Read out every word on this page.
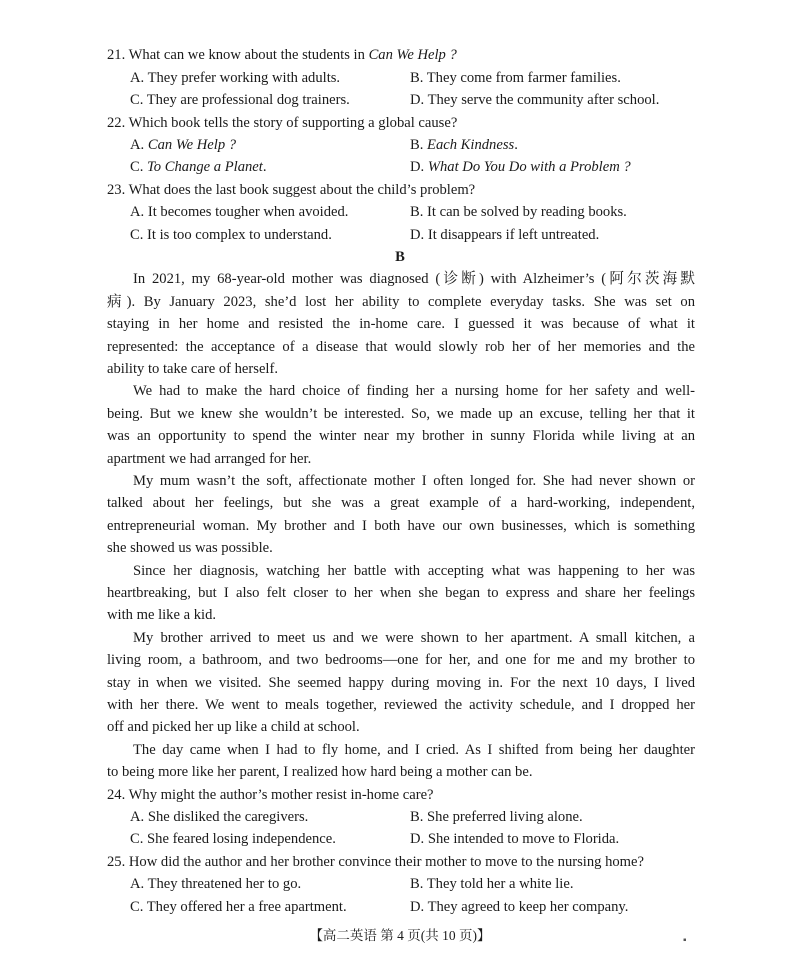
21. What can we know about the students in Can We Help ?
A. They prefer working with adults.	B. They come from farmer families.
C. They are professional dog trainers.	D. They serve the community after school.
22. Which book tells the story of supporting a global cause?
A. Can We Help ?	B. Each Kindness.
C. To Change a Planet.	D. What Do You Do with a Problem ?
23. What does the last book suggest about the child’s problem?
A. It becomes tougher when avoided.	B. It can be solved by reading books.
C. It is too complex to understand.	D. It disappears if left untreated.
B
In 2021, my 68-year-old mother was diagnosed (诊断) with Alzheimer’s (阿尔茨海默
病). By January 2023, she’d lost her ability to complete everyday tasks. She was set on
staying in her home and resisted the in-home care. I guessed it was because of what it
represented: the acceptance of a disease that would slowly rob her of her memories and the
ability to take care of herself.
We had to make the hard choice of finding her a nursing home for her safety and well-
being. But we knew she wouldn’t be interested. So, we made up an excuse, telling her that it
was an opportunity to spend the winter near my brother in sunny Florida while living at an
apartment we had arranged for her.
My mum wasn’t the soft, affectionate mother I often longed for. She had never shown or
talked about her feelings, but she was a great example of a hard-working, independent,
entrepreneurial woman. My brother and I both have our own businesses, which is something
she showed us was possible.
Since her diagnosis, watching her battle with accepting what was happening to her was
heartbreaking, but I also felt closer to her when she began to express and share her feelings
with me like a kid.
My brother arrived to meet us and we were shown to her apartment. A small kitchen, a
living room, a bathroom, and two bedrooms—one for her, and one for me and my brother to
stay in when we visited. She seemed happy during moving in. For the next 10 days, I lived
with her there. We went to meals together, reviewed the activity schedule, and I dropped her
off and picked her up like a child at school.
The day came when I had to fly home, and I cried. As I shifted from being her daughter
to being more like her parent, I realized how hard being a mother can be.
24. Why might the author’s mother resist in-home care?
A. She disliked the caregivers.	B. She preferred living alone.
C. She feared losing independence.	D. She intended to move to Florida.
25. How did the author and her brother convince their mother to move to the nursing home?
A. They threatened her to go.	B. They told her a white lie.
C. They offered her a free apartment.	D. They agreed to keep her company.
【高二英语 第 4 页(共 10 页)】	▪
